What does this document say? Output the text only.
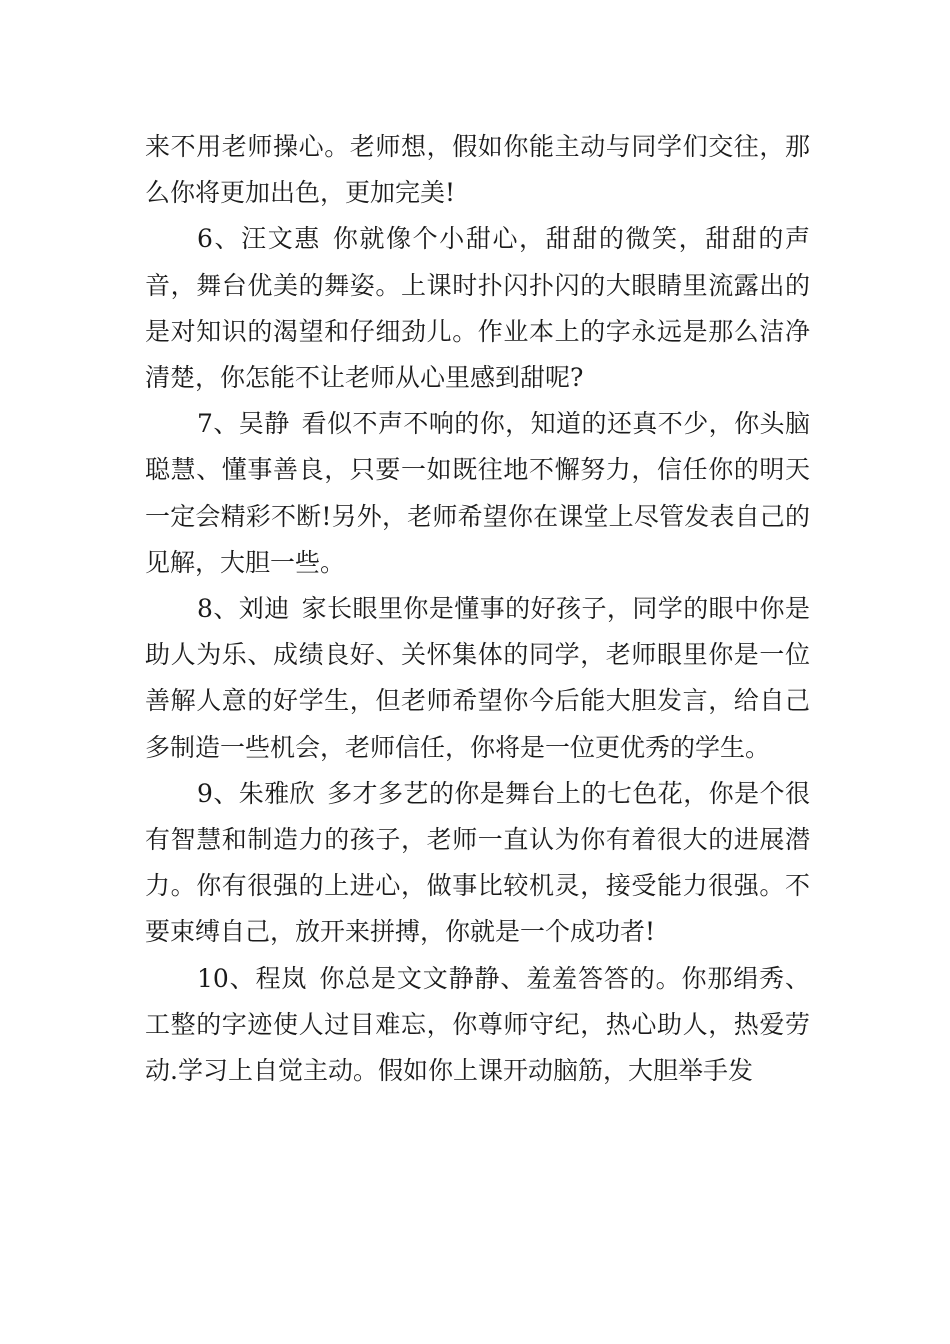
来不用老师操心。老师想，假如你能主动与同学们交往，那么你将更加出色，更加完美!

6、汪文惠 你就像个小甜心，甜甜的微笑，甜甜的声音，舞台优美的舞姿。上课时扑闪扑闪的大眼睛里流露出的是对知识的渴望和仔细劲儿。作业本上的字永远是那么洁净清楚，你怎能不让老师从心里感到甜呢?

7、吴静 看似不声不响的你，知道的还真不少，你头脑聪慧、懂事善良，只要一如既往地不懈努力，信任你的明天一定会精彩不断!另外，老师希望你在课堂上尽管发表自己的见解，大胆一些。

8、刘迪 家长眼里你是懂事的好孩子，同学的眼中你是助人为乐、成绩良好、关怀集体的同学，老师眼里你是一位善解人意的好学生，但老师希望你今后能大胆发言，给自己多制造一些机会，老师信任，你将是一位更优秀的学生。

9、朱雅欣 多才多艺的你是舞台上的七色花，你是个很有智慧和制造力的孩子，老师一直认为你有着很大的进展潜力。你有很强的上进心，做事比较机灵，接受能力很强。不要束缚自己，放开来拼搏，你就是一个成功者!

10、程岚 你总是文文静静、羞羞答答的。你那绢秀、工整的字迹使人过目难忘，你尊师守纪，热心助人，热爱劳动.学习上自觉主动。假如你上课开动脑筋，大胆举手发
